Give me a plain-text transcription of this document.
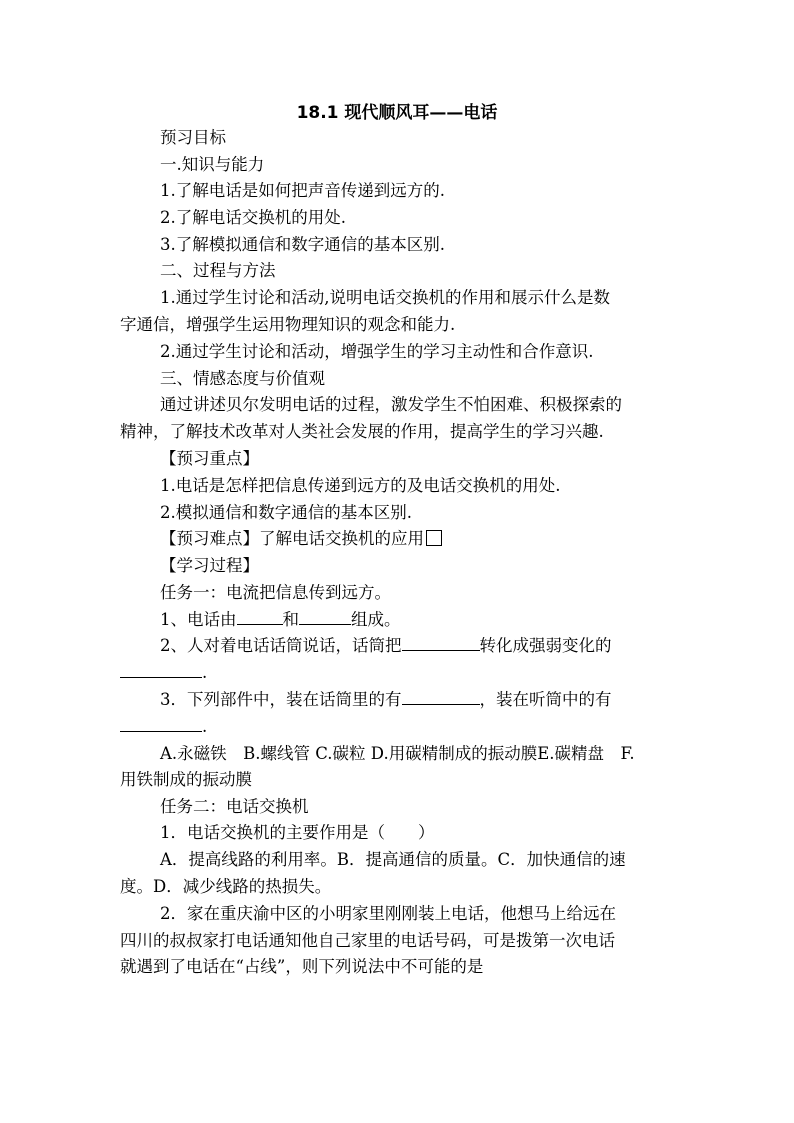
18.1 现代顺风耳——电话
预习目标
一.知识与能力
1.了解电话是如何把声音传递到远方的.
2.了解电话交换机的用处.
3.了解模拟通信和数字通信的基本区别.
二、过程与方法
1.通过学生讨论和活动,说明电话交换机的作用和展示什么是数
字通信，增强学生运用物理知识的观念和能力.
2.通过学生讨论和活动，增强学生的学习主动性和合作意识.
三、情感态度与价值观
通过讲述贝尔发明电话的过程，激发学生不怕困难、积极探索的
精神，了解技术改革对人类社会发展的作用，提高学生的学习兴趣.
【预习重点】
1.电话是怎样把信息传递到远方的及电话交换机的用处.
2.模拟通信和数字通信的基本区别.
【预习难点】了解电话交换机的应用
【学习过程】
任务一：电流把信息传到远方。
1、电话由	和	组成。
2、人对着电话话筒说话，话筒把	转化成强弱变化的
.
3．下列部件中，装在话筒里的有	，装在听筒中的有
.
A.永磁铁　B.螺线管 C.碳粒 D.用碳精制成的振动膜E.碳精盘　F.
用铁制成的振动膜
任务二：电话交换机
1．电话交换机的主要作用是（　　）
A．提高线路的利用率。B．提高通信的质量。C．加快通信的速
度。D．减少线路的热损失。
2．家在重庆渝中区的小明家里刚刚装上电话，他想马上给远在
四川的叔叔家打电话通知他自己家里的电话号码，可是拨第一次电话
就遇到了电话在“占线”，则下列说法中不可能的是
